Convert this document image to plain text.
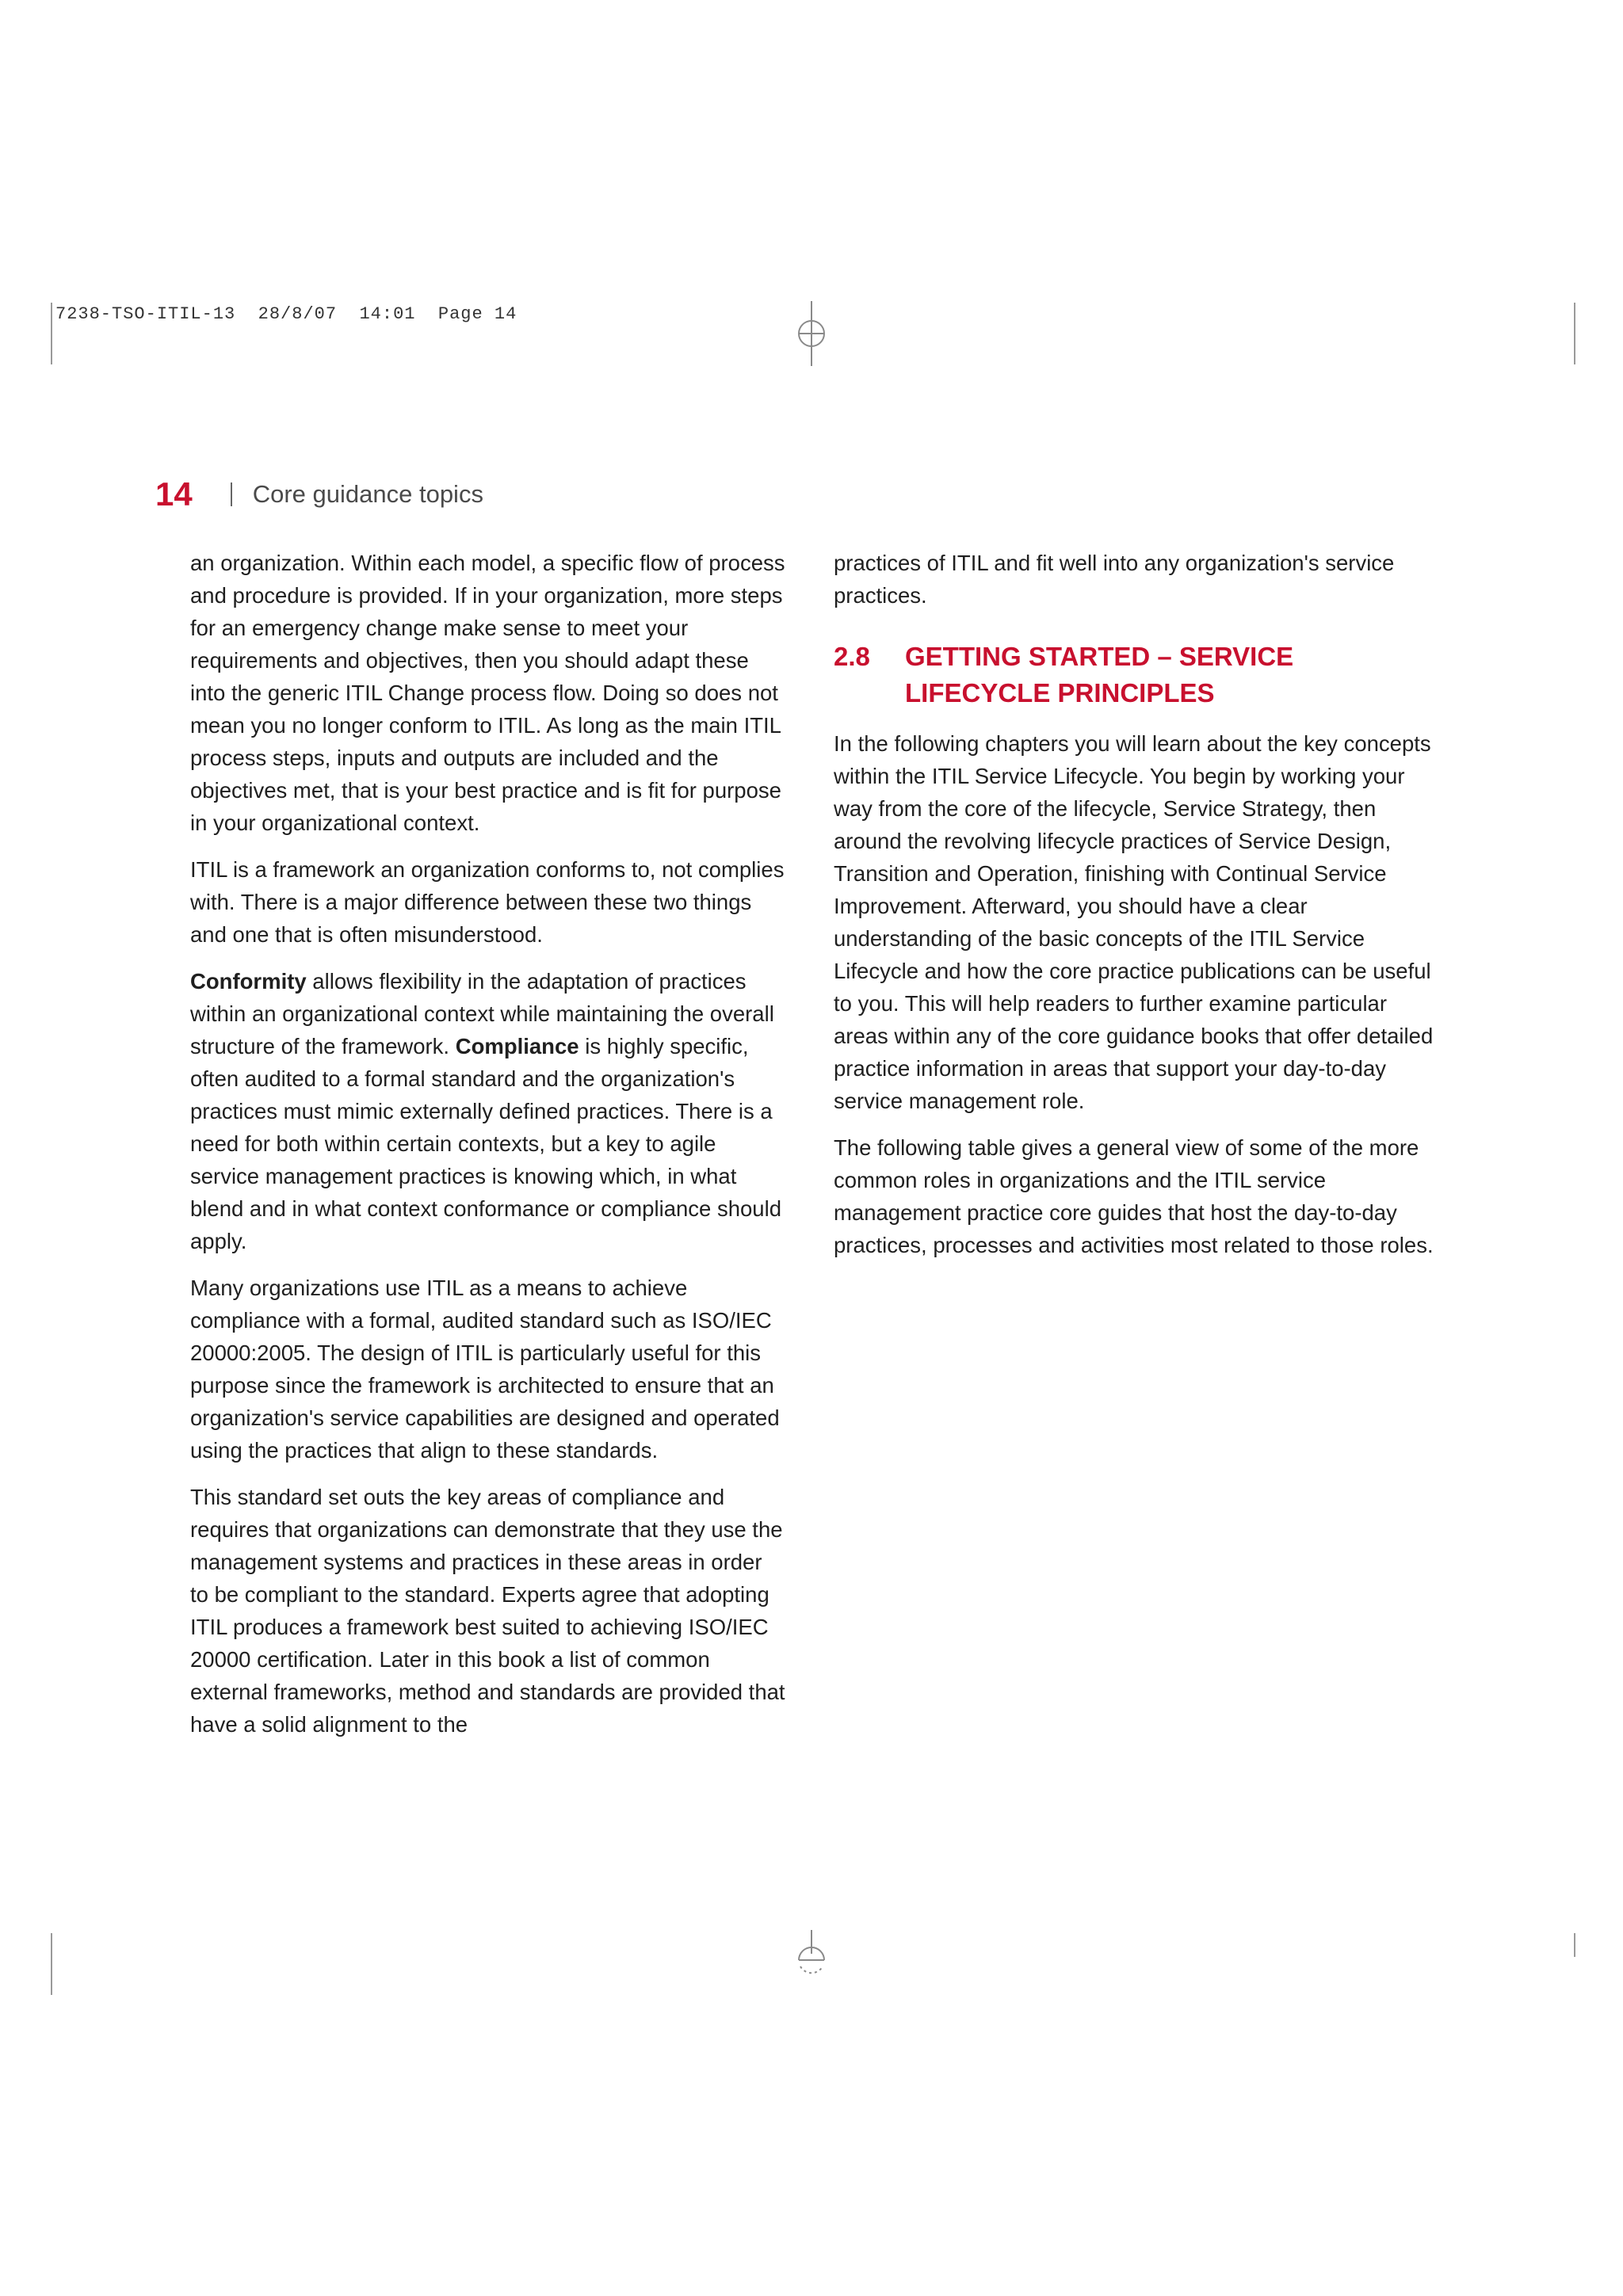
7238-TSO-ITIL-13  28/8/07  14:01  Page 14
14 Core guidance topics

an organization. Within each model, a specific flow of process and procedure is provided. If in your organization, more steps for an emergency change make sense to meet your requirements and objectives, then you should adapt these into the generic ITIL Change process flow. Doing so does not mean you no longer conform to ITIL. As long as the main ITIL process steps, inputs and outputs are included and the objectives met, that is your best practice and is fit for purpose in your organizational context.

ITIL is a framework an organization conforms to, not complies with. There is a major difference between these two things and one that is often misunderstood.

Conformity allows flexibility in the adaptation of practices within an organizational context while maintaining the overall structure of the framework. Compliance is highly specific, often audited to a formal standard and the organization's practices must mimic externally defined practices. There is a need for both within certain contexts, but a key to agile service management practices is knowing which, in what blend and in what context conformance or compliance should apply.

Many organizations use ITIL as a means to achieve compliance with a formal, audited standard such as ISO/IEC 20000:2005. The design of ITIL is particularly useful for this purpose since the framework is architected to ensure that an organization's service capabilities are designed and operated using the practices that align to these standards.

This standard set outs the key areas of compliance and requires that organizations can demonstrate that they use the management systems and practices in these areas in order to be compliant to the standard. Experts agree that adopting ITIL produces a framework best suited to achieving ISO/IEC 20000 certification. Later in this book a list of common external frameworks, method and standards are provided that have a solid alignment to the

practices of ITIL and fit well into any organization's service practices.

2.8	GETTING STARTED – SERVICE LIFECYCLE PRINCIPLES

In the following chapters you will learn about the key concepts within the ITIL Service Lifecycle. You begin by working your way from the core of the lifecycle, Service Strategy, then around the revolving lifecycle practices of Service Design, Transition and Operation, finishing with Continual Service Improvement. Afterward, you should have a clear understanding of the basic concepts of the ITIL Service Lifecycle and how the core practice publications can be useful to you. This will help readers to further examine particular areas within any of the core guidance books that offer detailed practice information in areas that support your day-to-day service management role.

The following table gives a general view of some of the more common roles in organizations and the ITIL service management practice core guides that host the day-to-day practices, processes and activities most related to those roles.
